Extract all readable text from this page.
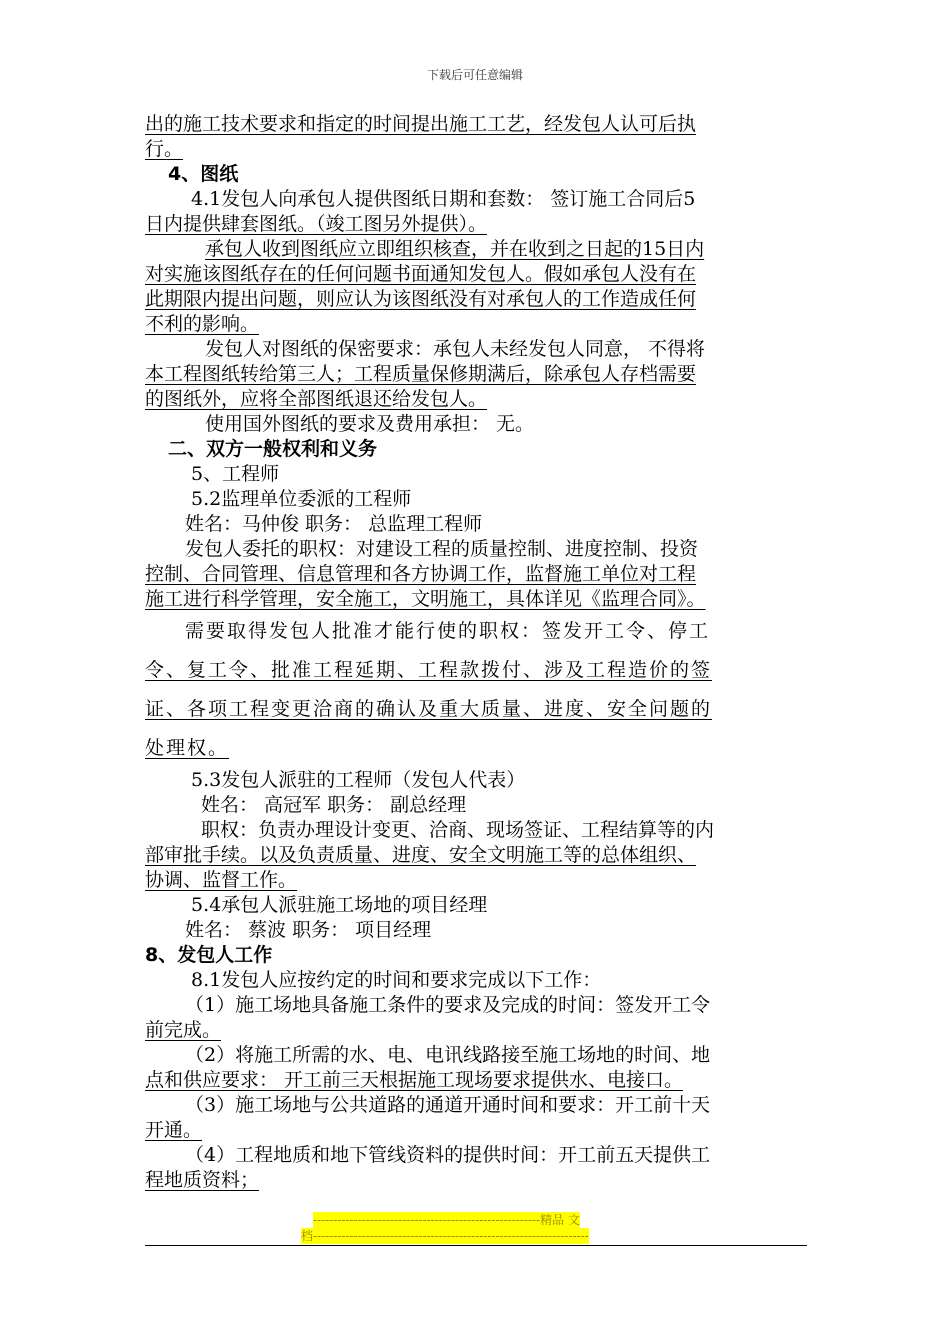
下载后可任意编辑
出的施工技术要求和指定的时间提出施工工艺，经发包人认可后执
行。
4、图纸
4.1发包人向承包人提供图纸日期和套数： 签订施工合同后5
日内提供肆套图纸。（竣工图另外提供）。
承包人收到图纸应立即组织核查，并在收到之日起的15日内
对实施该图纸存在的任何问题书面通知发包人。假如承包人没有在
此期限内提出问题，则应认为该图纸没有对承包人的工作造成任何
不利的影响。
发包人对图纸的保密要求：承包人未经发包人同意， 不得将
本工程图纸转给第三人；工程质量保修期满后，除承包人存档需要
的图纸外，应将全部图纸退还给发包人。
使用国外图纸的要求及费用承担： 无。
二、双方一般权利和义务
5、工程师
5.2监理单位委派的工程师
姓名：马仲俊 职务： 总监理工程师
发包人委托的职权：对建设工程的质量控制、进度控制、投资
控制、合同管理、信息管理和各方协调工作，监督施工单位对工程
施工进行科学管理，安全施工，文明施工，具体详见《监理合同》。
需要取得发包人批准才能行使的职权：签发开工令、停工
令、复工令、批准工程延期、工程款拨付、涉及工程造价的签
证、各项工程变更洽商的确认及重大质量、进度、安全问题的
处理权。
5.3发包人派驻的工程师（发包人代表）
姓名： 高冠军 职务： 副总经理
职权：负责办理设计变更、洽商、现场签证、工程结算等的内
部审批手续。以及负责质量、进度、安全文明施工等的总体组织、
协调、监督工作。
5.4承包人派驻施工场地的项目经理
姓名： 蔡波 职务： 项目经理
8、发包人工作
8.1发包人应按约定的时间和要求完成以下工作：
（1）施工场地具备施工条件的要求及完成的时间：签发开工令
前完成。
（2）将施工所需的水、电、电讯线路接至施工场地的时间、地
点和供应要求： 开工前三天根据施工现场要求提供水、电接口。
（3）施工场地与公共道路的通道开通时间和要求：开工前十天
开通。
（4）工程地质和地下管线资料的提供时间：开工前五天提供工
程地质资料；
--------------------------------------------------------精品 文
档--------------------------------------------------------------------
